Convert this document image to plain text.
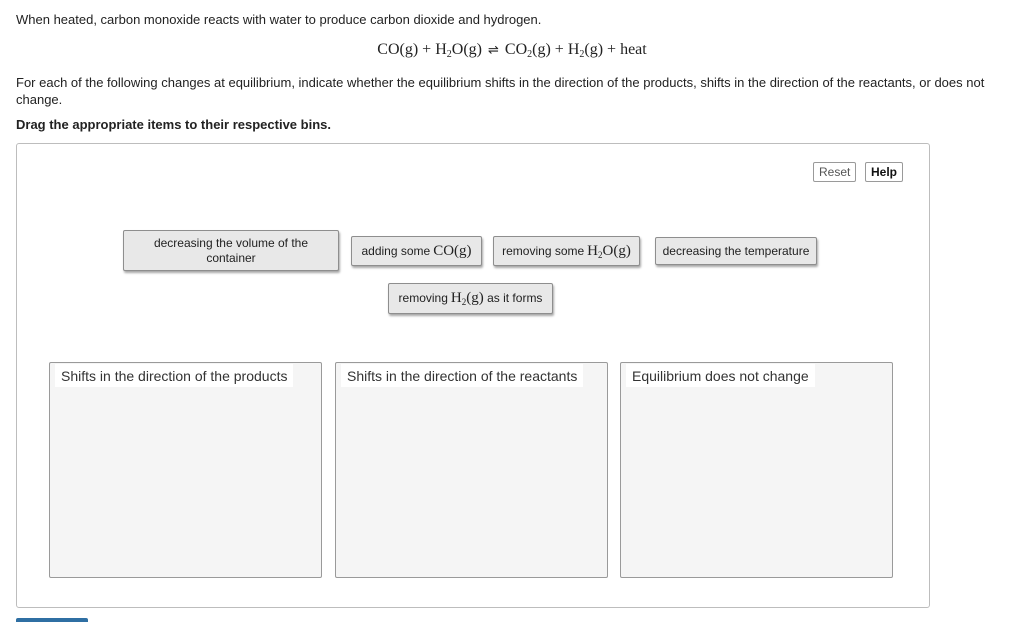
When heated, carbon monoxide reacts with water to produce carbon dioxide and hydrogen.
$CO(g) + H_2O(g)$ ⇌ $CO_2(g) + H_2(g)$ + heat
For each of the following changes at equilibrium, indicate whether the equilibrium shifts in the direction of the products, shifts in the direction of the reactants, or does not change.
Drag the appropriate items to their respective bins.
Reset	Help
decreasing the volume of the container	adding some CO(g)	removing some $H_2O(g)$	decreasing the temperature
removing $H_2(g)$
as it forms
Shifts in the direction of the products	Shifts in the direction of the reactants	Equilibrium does not change
